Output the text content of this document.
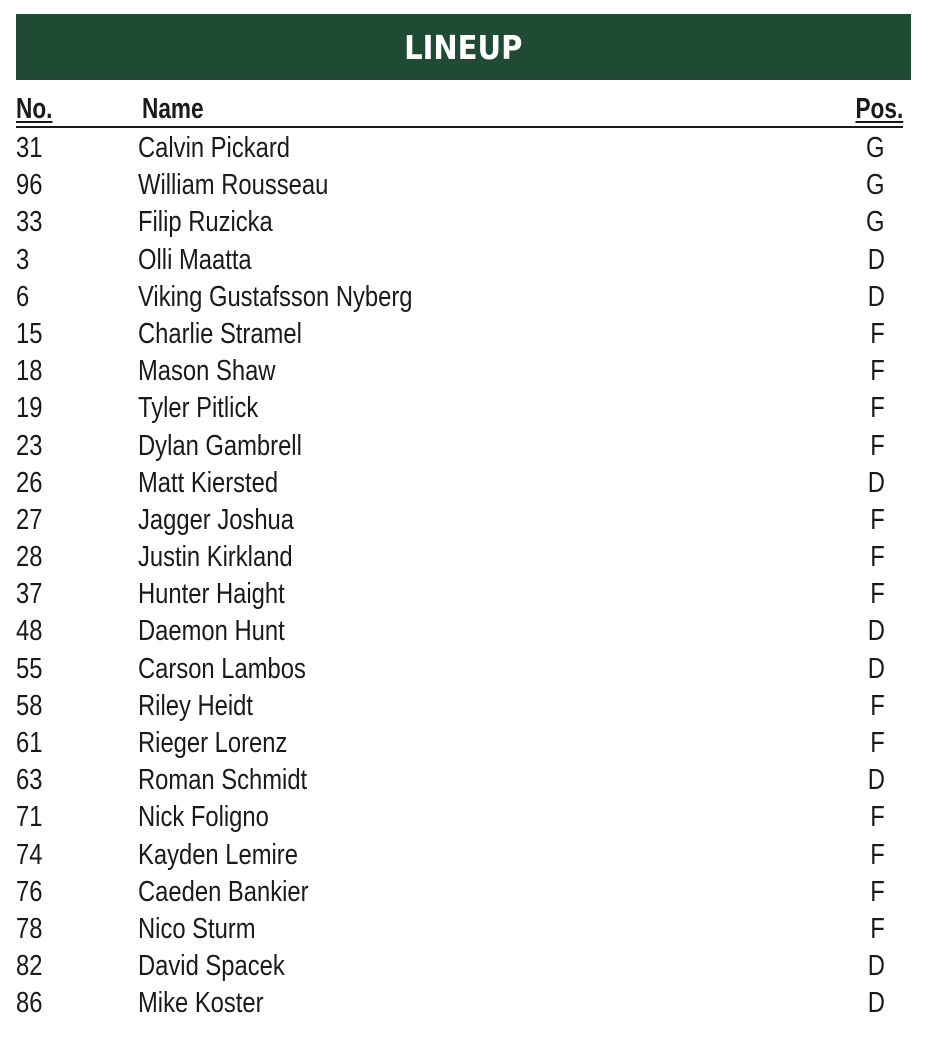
LINEUP
No.	Name	Pos.
31	Calvin Pickard	G
96	William Rousseau	G
33	Filip Ruzicka	G
3	Olli Maatta	D
6	Viking Gustafsson Nyberg	D
15	Charlie Stramel	F
18	Mason Shaw	F
19	Tyler Pitlick	F
23	Dylan Gambrell	F
26	Matt Kiersted	D
27	Jagger Joshua	F
28	Justin Kirkland	F
37	Hunter Haight	F
48	Daemon Hunt	D
55	Carson Lambos	D
58	Riley Heidt	F
61	Rieger Lorenz	F
63	Roman Schmidt	D
71	Nick Foligno	F
74	Kayden Lemire	F
76	Caeden Bankier	F
78	Nico Sturm	F
82	David Spacek	D
86	Mike Koster	D
